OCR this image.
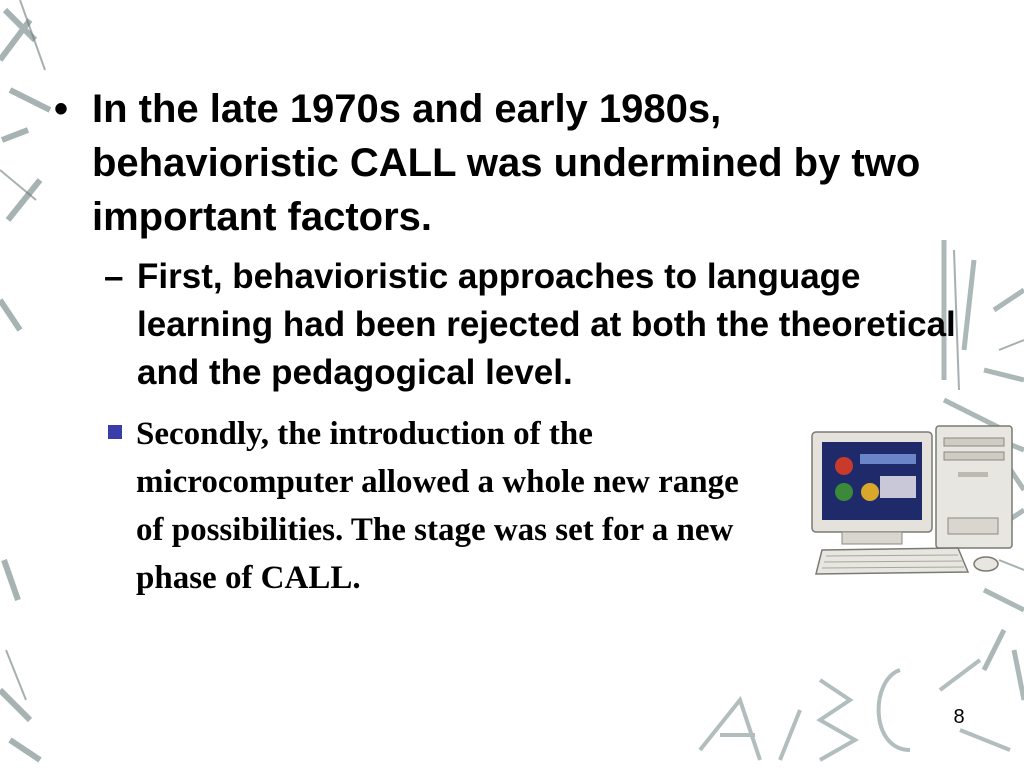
• In the late 1970s and early 1980s, behavioristic CALL was undermined by two important factors.
– First, behavioristic approaches to language learning had been rejected at both the theoretical and the pedagogical level.
Secondly, the introduction of the microcomputer allowed a whole new range of possibilities. The stage was set for a new phase of CALL.
8
